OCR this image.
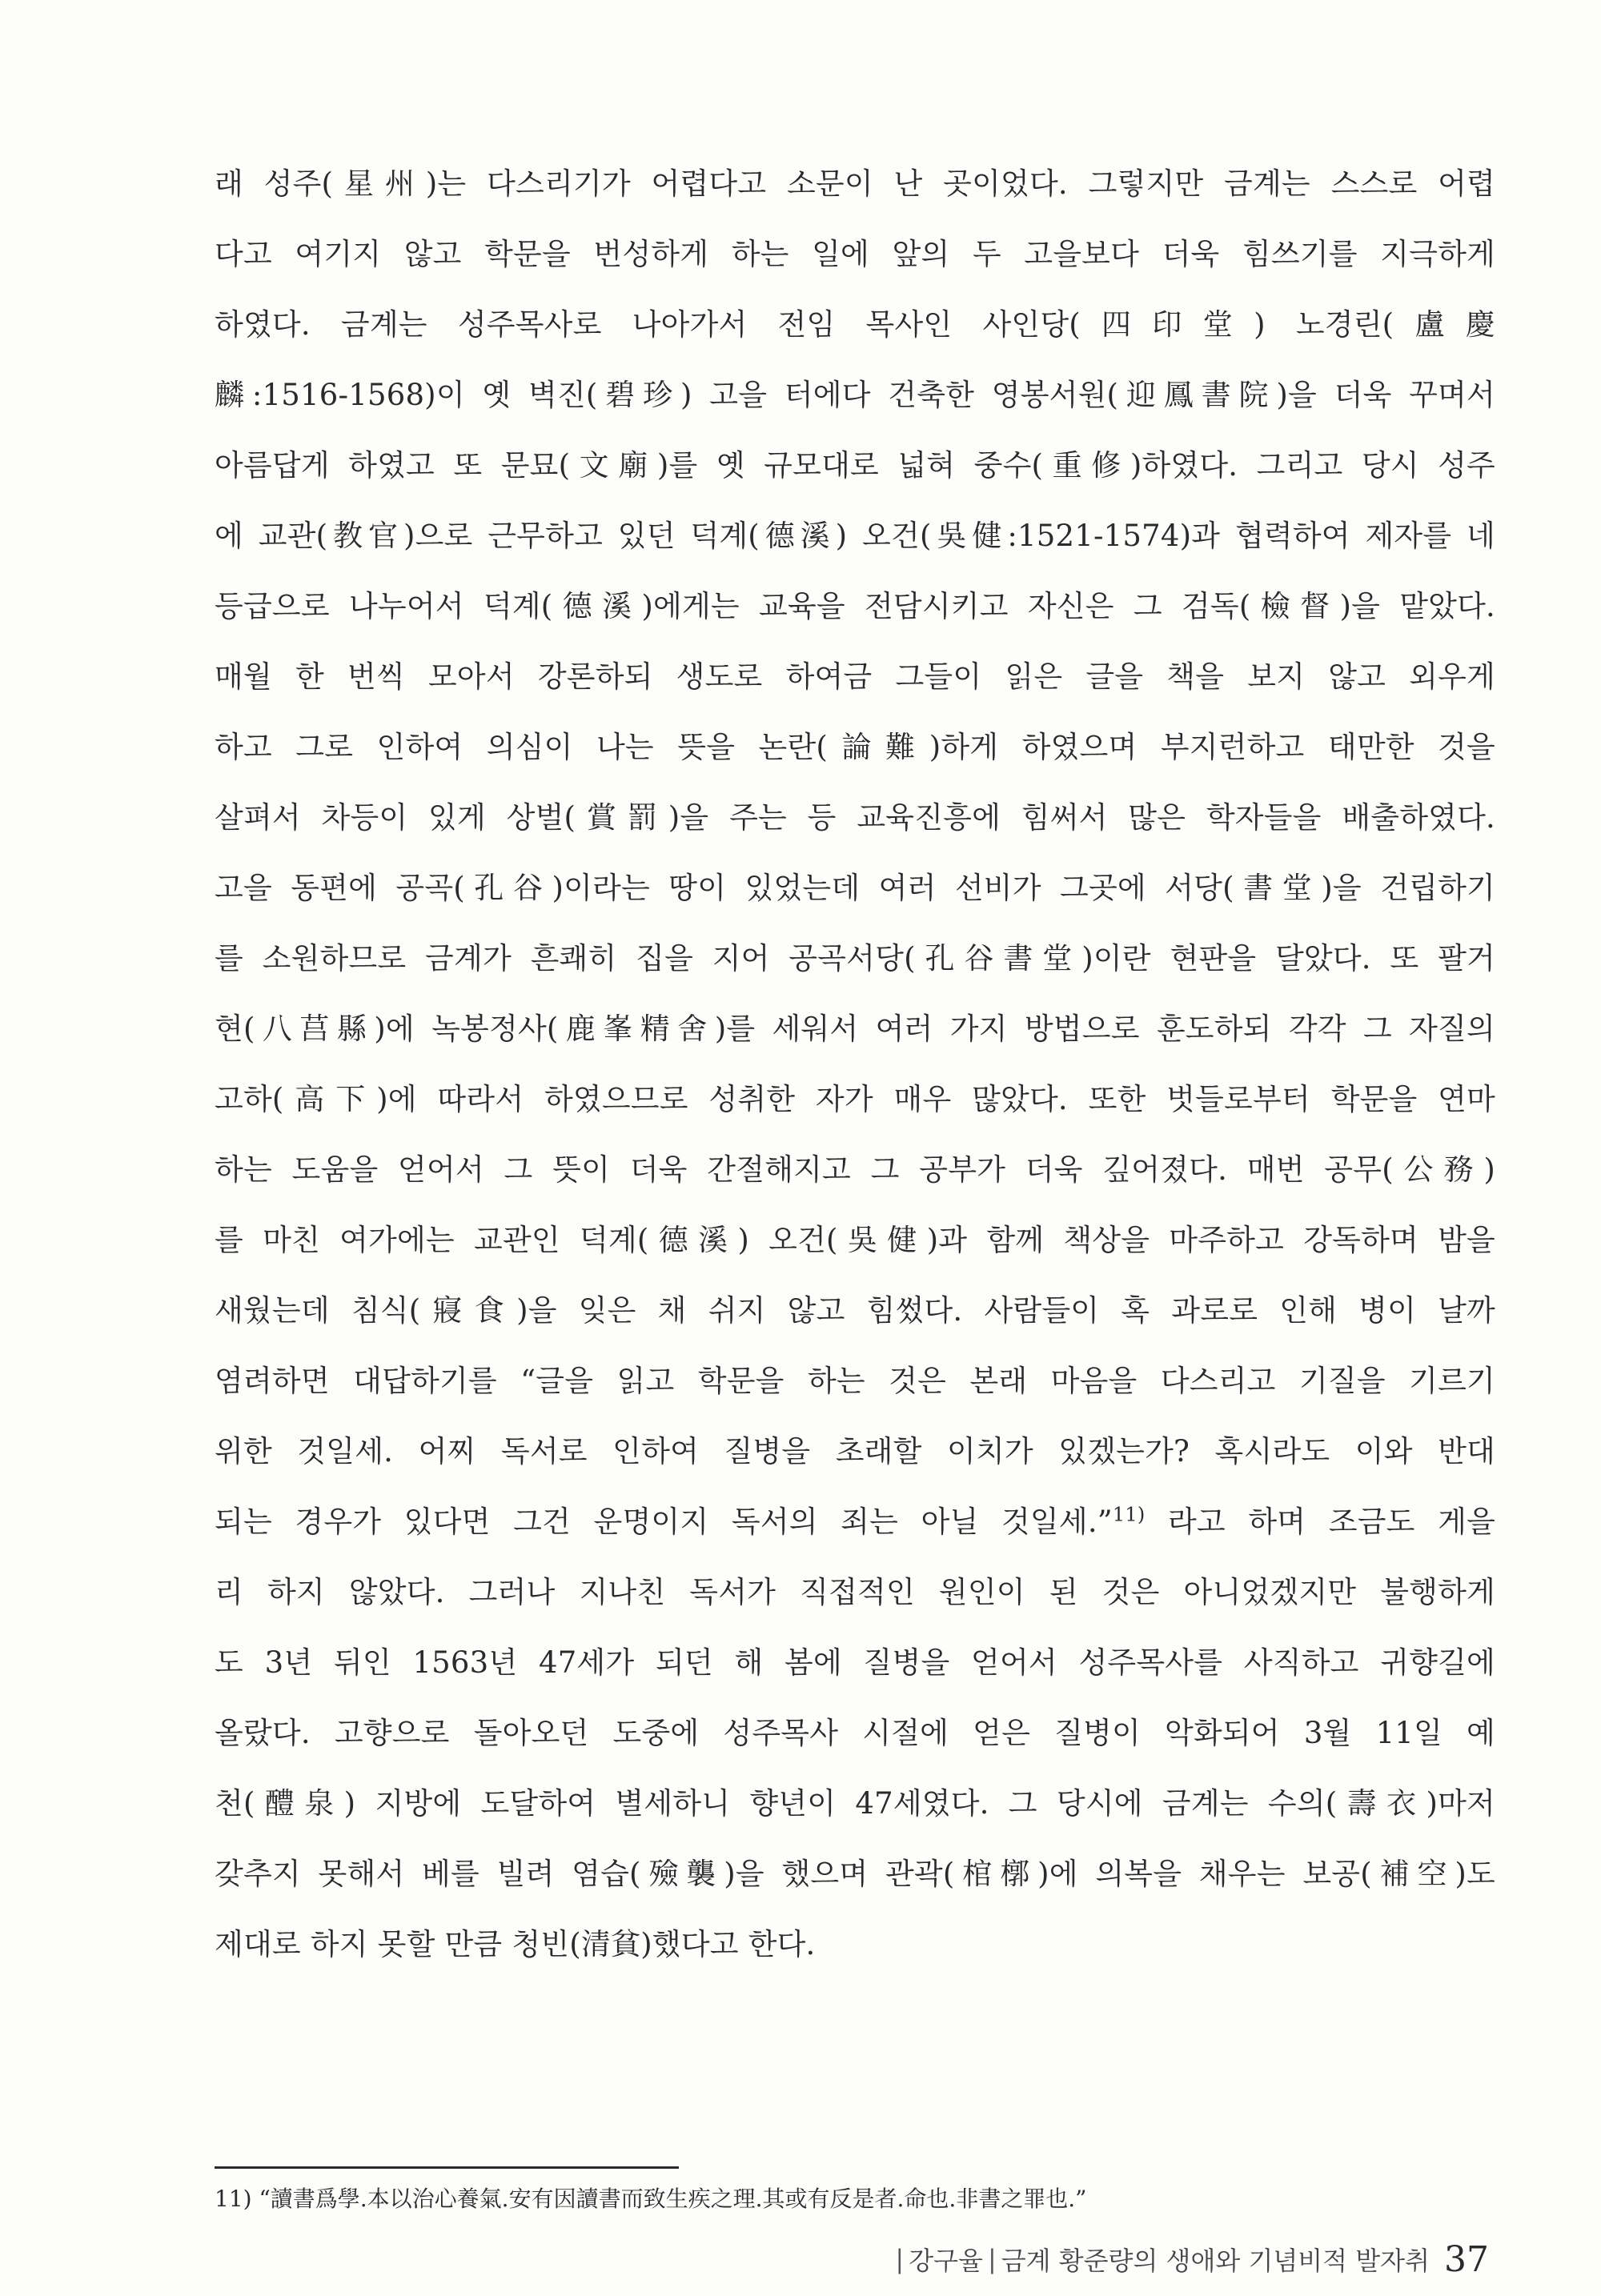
래 성주(星州)는 다스리기가 어렵다고 소문이 난 곳이었다. 그렇지만 금계는 스스로 어렵
다고 여기지 않고 학문을 번성하게 하는 일에 앞의 두 고을보다 더욱 힘쓰기를 지극하게
하였다. 금계는 성주목사로 나아가서 전임 목사인 사인당(四印堂) 노경린(盧慶
麟:1516-1568)이 옛 벽진(碧珍) 고을 터에다 건축한 영봉서원(迎鳳書院)을 더욱 꾸며서
아름답게 하였고 또 문묘(文廟)를 옛 규모대로 넓혀 중수(重修)하였다. 그리고 당시 성주
에 교관(教官)으로 근무하고 있던 덕계(德溪) 오건(吳健:1521-1574)과 협력하여 제자를 네
등급으로 나누어서 덕계(德溪)에게는 교육을 전담시키고 자신은 그 검독(檢督)을 맡았다.
매월 한 번씩 모아서 강론하되 생도로 하여금 그들이 읽은 글을 책을 보지 않고 외우게
하고 그로 인하여 의심이 나는 뜻을 논란(論難)하게 하였으며 부지런하고 태만한 것을
살펴서 차등이 있게 상벌(賞罰)을 주는 등 교육진흥에 힘써서 많은 학자들을 배출하였다.
고을 동편에 공곡(孔谷)이라는 땅이 있었는데 여러 선비가 그곳에 서당(書堂)을 건립하기
를 소원하므로 금계가 흔쾌히 집을 지어 공곡서당(孔谷書堂)이란 현판을 달았다. 또 팔거
현(八莒縣)에 녹봉정사(鹿峯精舍)를 세워서 여러 가지 방법으로 훈도하되 각각 그 자질의
고하(高下)에 따라서 하였으므로 성취한 자가 매우 많았다. 또한 벗들로부터 학문을 연마
하는 도움을 얻어서 그 뜻이 더욱 간절해지고 그 공부가 더욱 깊어졌다. 매번 공무(公務)
를 마친 여가에는 교관인 덕계(德溪) 오건(吳健)과 함께 책상을 마주하고 강독하며 밤을
새웠는데 침식(寢食)을 잊은 채 쉬지 않고 힘썼다. 사람들이 혹 과로로 인해 병이 날까
염려하면 대답하기를 “글을 읽고 학문을 하는 것은 본래 마음을 다스리고 기질을 기르기
위한 것일세. 어찌 독서로 인하여 질병을 초래할 이치가 있겠는가? 혹시라도 이와 반대
되는 경우가 있다면 그건 운명이지 독서의 죄는 아닐 것일세.”$^{11)}$ 라고 하며 조금도 게을
리 하지 않았다. 그러나 지나친 독서가 직접적인 원인이 된 것은 아니었겠지만 불행하게
도 3년 뒤인 1563년 47세가 되던 해 봄에 질병을 얻어서 성주목사를 사직하고 귀향길에
올랐다. 고향으로 돌아오던 도중에 성주목사 시절에 얻은 질병이 악화되어 3월 11일 예
천(醴泉) 지방에 도달하여 별세하니 향년이 47세였다. 그 당시에 금계는 수의(壽衣)마저
갖추지 못해서 베를 빌려 염습(殮襲)을 했으며 관곽(棺槨)에 의복을 채우는 보공(補空)도
제대로 하지 못할 만큼 청빈(清貧)했다고 한다.
11) “讀書爲學.本以治心養氣.安有因讀書而致生疾之理.其或有反是者.命也.非書之罪也.”
| 강구율 | 금계 황준량의 생애와 기념비적 발자취 37
